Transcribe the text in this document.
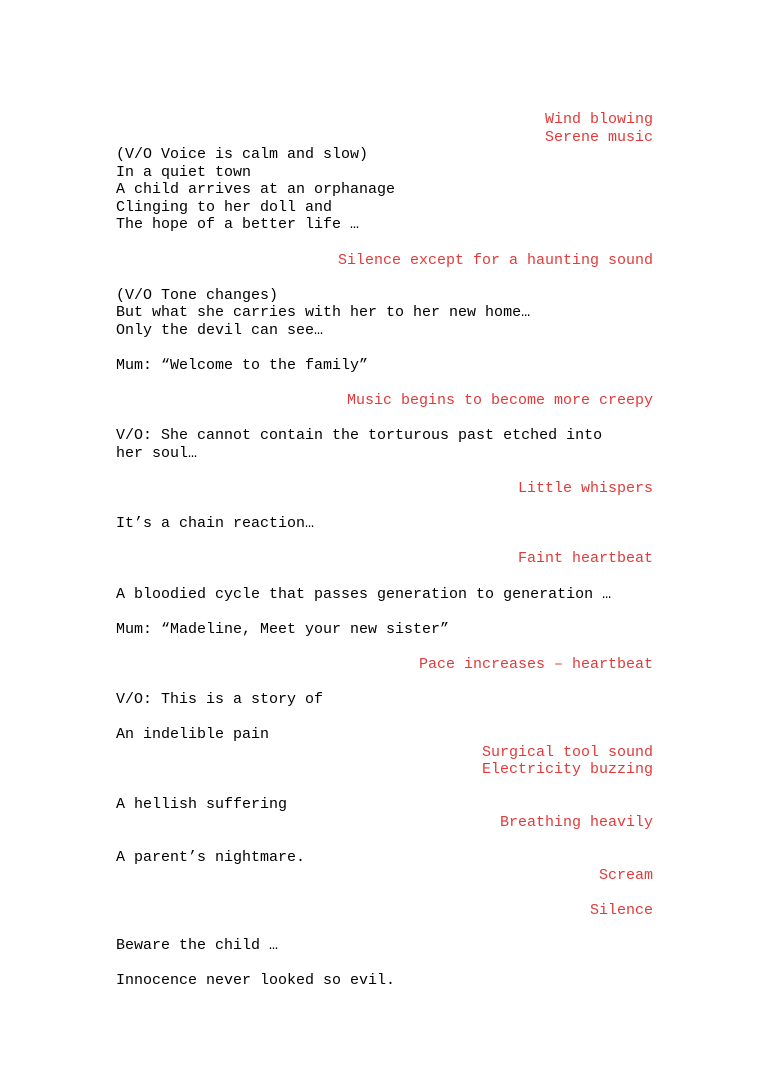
Wind blowing
Serene music
(V/O Voice is calm and slow)
In a quiet town
A child arrives at an orphanage
Clinging to her doll and
The hope of a better life …
Silence except for a haunting sound
(V/O Tone changes)
But what she carries with her to her new home…
Only the devil can see…
Mum: “Welcome to the family”
Music begins to become more creepy
V/O: She cannot contain the torturous past etched into
her soul…
Little whispers
It’s a chain reaction…
Faint heartbeat
A bloodied cycle that passes generation to generation …
Mum: “Madeline, Meet your new sister”
Pace increases – heartbeat
V/O: This is a story of
An indelible pain
Surgical tool sound
Electricity buzzing
A hellish suffering
Breathing heavily
A parent’s nightmare.
Scream
Silence
Beware the child …
Innocence never looked so evil.
